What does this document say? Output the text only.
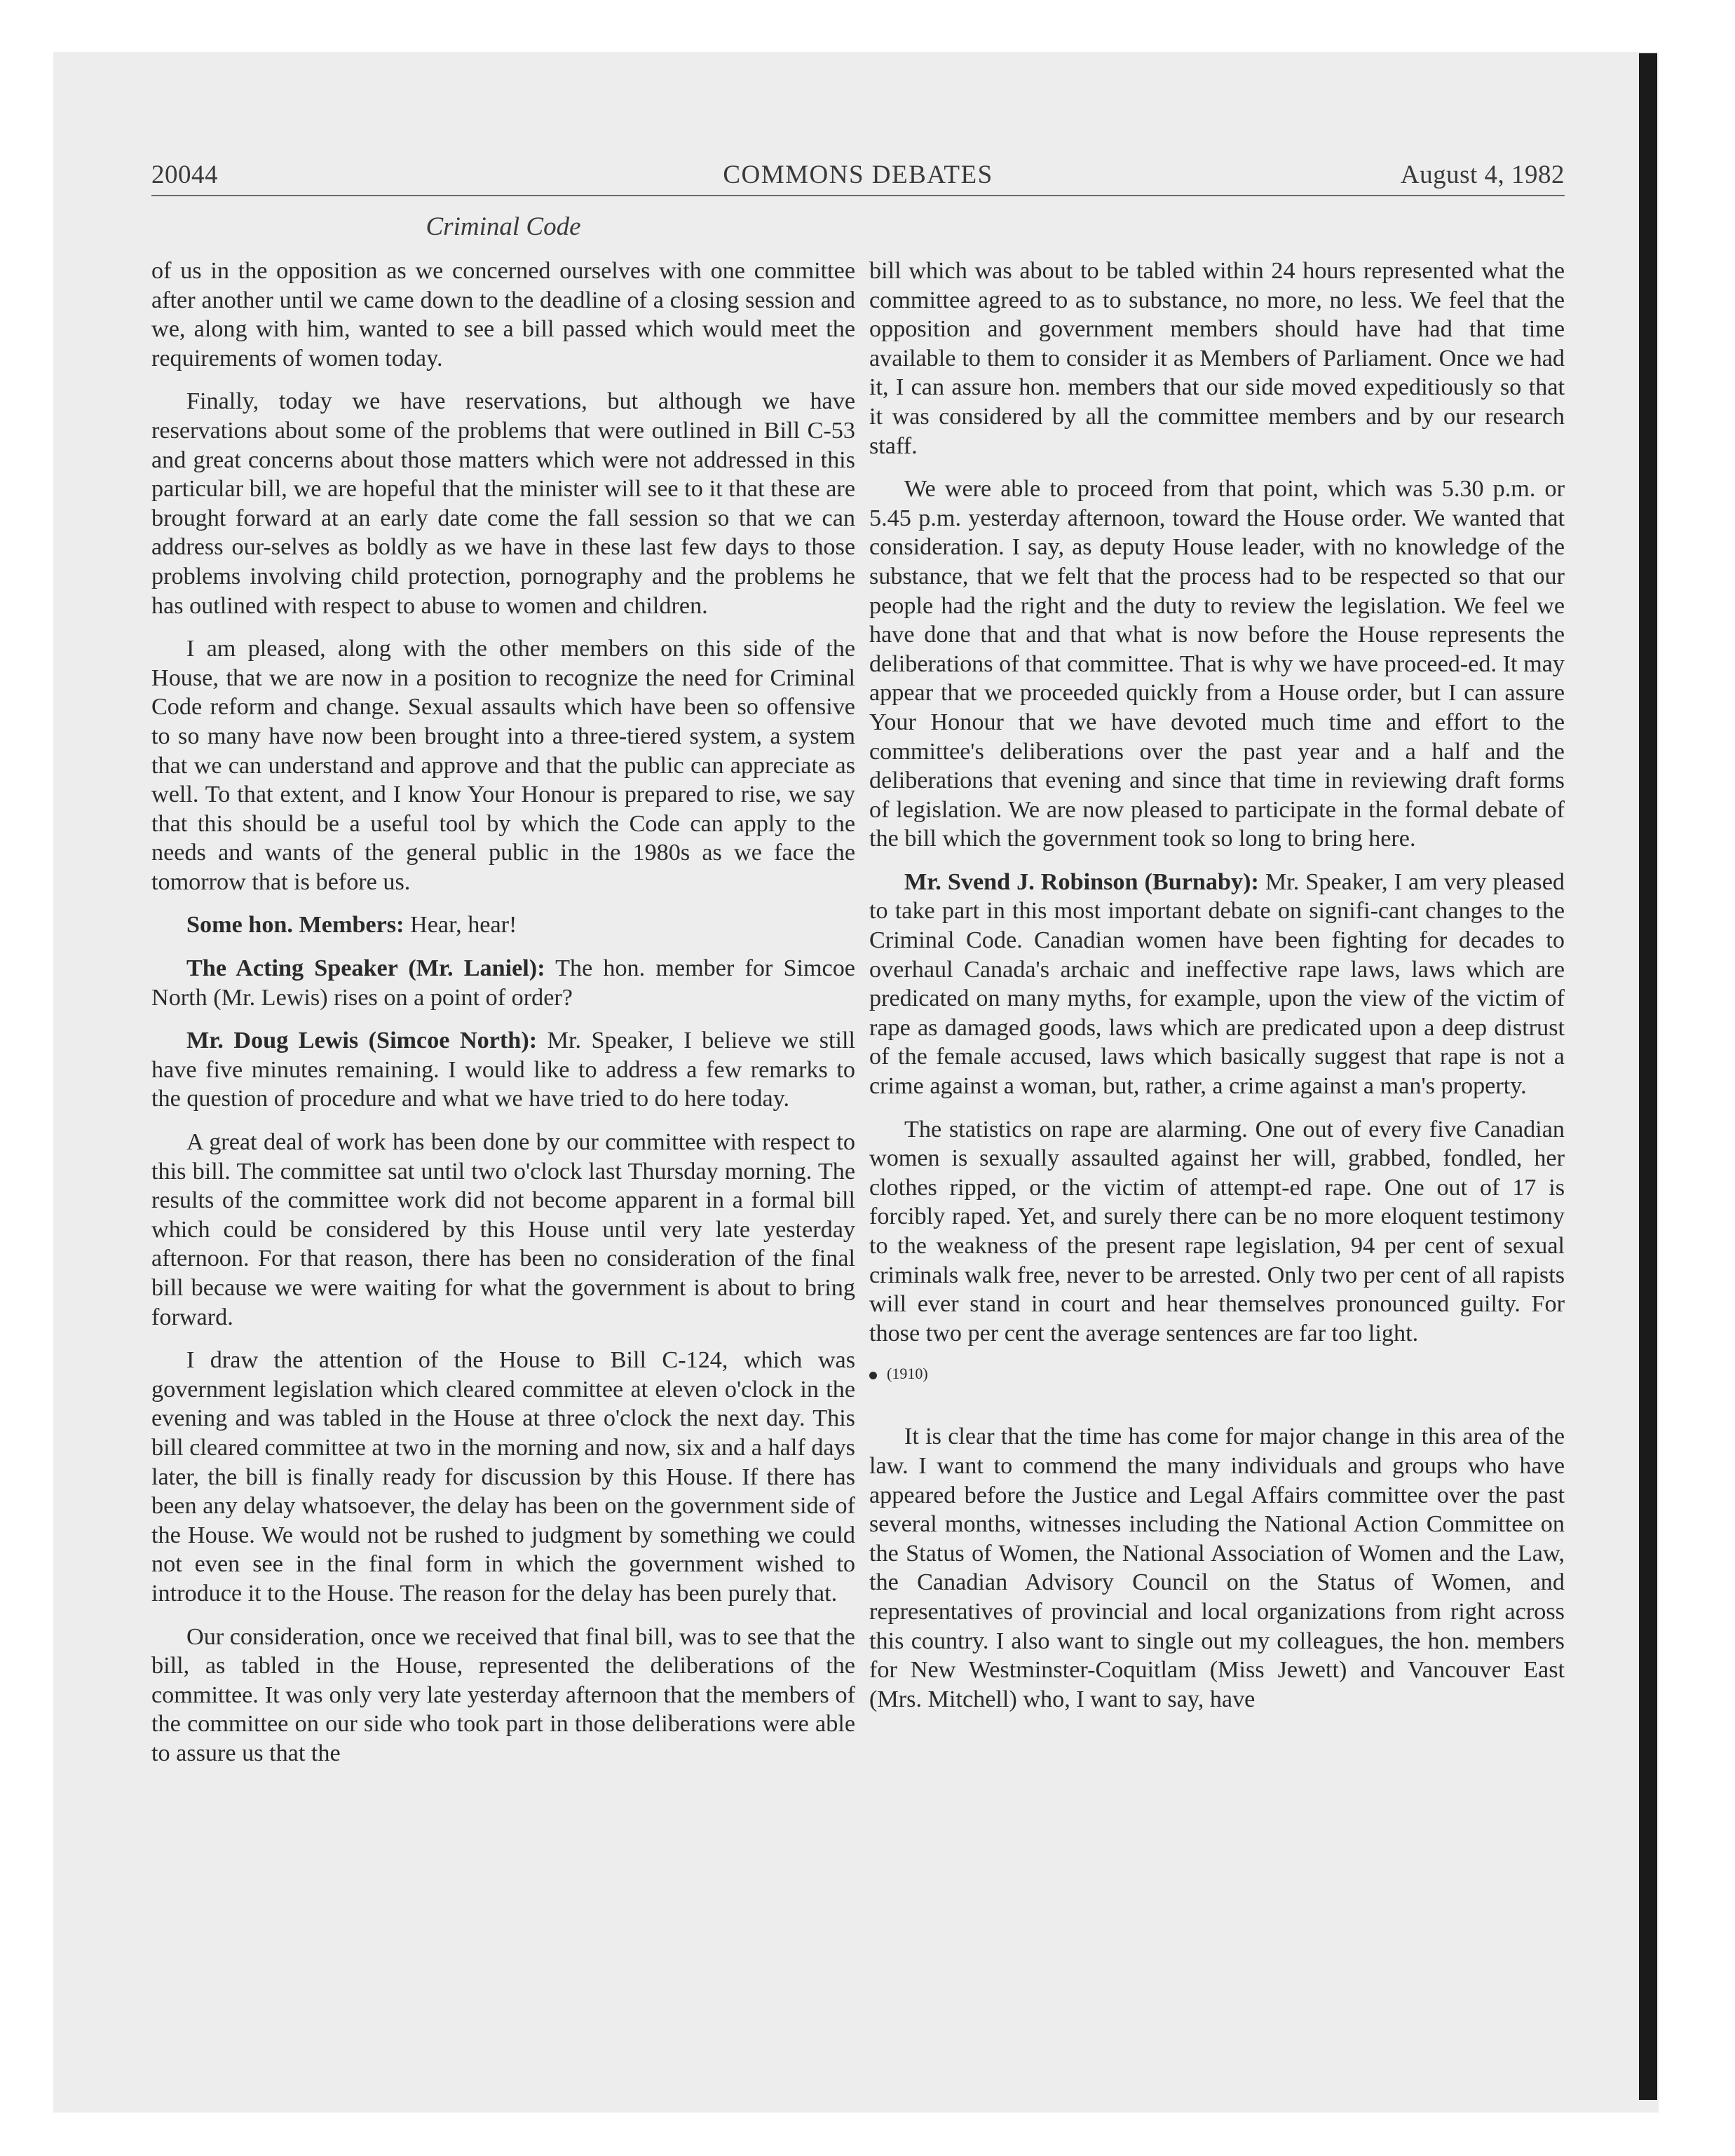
20044	COMMONS DEBATES	August 4, 1982
Criminal Code

of us in the opposition as we concerned ourselves with one committee after another until we came down to the deadline of a closing session and we, along with him, wanted to see a bill passed which would meet the requirements of women today.

Finally, today we have reservations, but although we have reservations about some of the problems that were outlined in Bill C-53 and great concerns about those matters which were not addressed in this particular bill, we are hopeful that the minister will see to it that these are brought forward at an early date come the fall session so that we can address our-selves as boldly as we have in these last few days to those problems involving child protection, pornography and the problems he has outlined with respect to abuse to women and children.

I am pleased, along with the other members on this side of the House, that we are now in a position to recognize the need for Criminal Code reform and change. Sexual assaults which have been so offensive to so many have now been brought into a three-tiered system, a system that we can understand and approve and that the public can appreciate as well. To that extent, and I know Your Honour is prepared to rise, we say that this should be a useful tool by which the Code can apply to the needs and wants of the general public in the 1980s as we face the tomorrow that is before us.

Some hon. Members: Hear, hear!

The Acting Speaker (Mr. Laniel): The hon. member for Simcoe North (Mr. Lewis) rises on a point of order?

Mr. Doug Lewis (Simcoe North): Mr. Speaker, I believe we still have five minutes remaining. I would like to address a few remarks to the question of procedure and what we have tried to do here today.

A great deal of work has been done by our committee with respect to this bill. The committee sat until two o'clock last Thursday morning. The results of the committee work did not become apparent in a formal bill which could be considered by this House until very late yesterday afternoon. For that reason, there has been no consideration of the final bill because we were waiting for what the government is about to bring forward.

I draw the attention of the House to Bill C-124, which was government legislation which cleared committee at eleven o'clock in the evening and was tabled in the House at three o'clock the next day. This bill cleared committee at two in the morning and now, six and a half days later, the bill is finally ready for discussion by this House. If there has been any delay whatsoever, the delay has been on the government side of the House. We would not be rushed to judgment by something we could not even see in the final form in which the government wished to introduce it to the House. The reason for the delay has been purely that.

Our consideration, once we received that final bill, was to see that the bill, as tabled in the House, represented the deliberations of the committee. It was only very late yesterday afternoon that the members of the committee on our side who took part in those deliberations were able to assure us that the

bill which was about to be tabled within 24 hours represented what the committee agreed to as to substance, no more, no less. We feel that the opposition and government members should have had that time available to them to consider it as Members of Parliament. Once we had it, I can assure hon. members that our side moved expeditiously so that it was considered by all the committee members and by our research staff.

We were able to proceed from that point, which was 5.30 p.m. or 5.45 p.m. yesterday afternoon, toward the House order. We wanted that consideration. I say, as deputy House leader, with no knowledge of the substance, that we felt that the process had to be respected so that our people had the right and the duty to review the legislation. We feel we have done that and that what is now before the House represents the deliberations of that committee. That is why we have proceed-ed. It may appear that we proceeded quickly from a House order, but I can assure Your Honour that we have devoted much time and effort to the committee's deliberations over the past year and a half and the deliberations that evening and since that time in reviewing draft forms of legislation. We are now pleased to participate in the formal debate of the bill which the government took so long to bring here.

Mr. Svend J. Robinson (Burnaby): Mr. Speaker, I am very pleased to take part in this most important debate on signifi-cant changes to the Criminal Code. Canadian women have been fighting for decades to overhaul Canada's archaic and ineffective rape laws, laws which are predicated on many myths, for example, upon the view of the victim of rape as damaged goods, laws which are predicated upon a deep distrust of the female accused, laws which basically suggest that rape is not a crime against a woman, but, rather, a crime against a man's property.

The statistics on rape are alarming. One out of every five Canadian women is sexually assaulted against her will, grabbed, fondled, her clothes ripped, or the victim of attempt-ed rape. One out of 17 is forcibly raped. Yet, and surely there can be no more eloquent testimony to the weakness of the present rape legislation, 94 per cent of sexual criminals walk free, never to be arrested. Only two per cent of all rapists will ever stand in court and hear themselves pronounced guilty. For those two per cent the average sentences are far too light.

(1910)

It is clear that the time has come for major change in this area of the law. I want to commend the many individuals and groups who have appeared before the Justice and Legal Affairs committee over the past several months, witnesses including the National Action Committee on the Status of Women, the National Association of Women and the Law, the Canadian Advisory Council on the Status of Women, and representatives of provincial and local organizations from right across this country. I also want to single out my colleagues, the hon. members for New Westminster-Coquitlam (Miss Jewett) and Vancouver East (Mrs. Mitchell) who, I want to say, have
